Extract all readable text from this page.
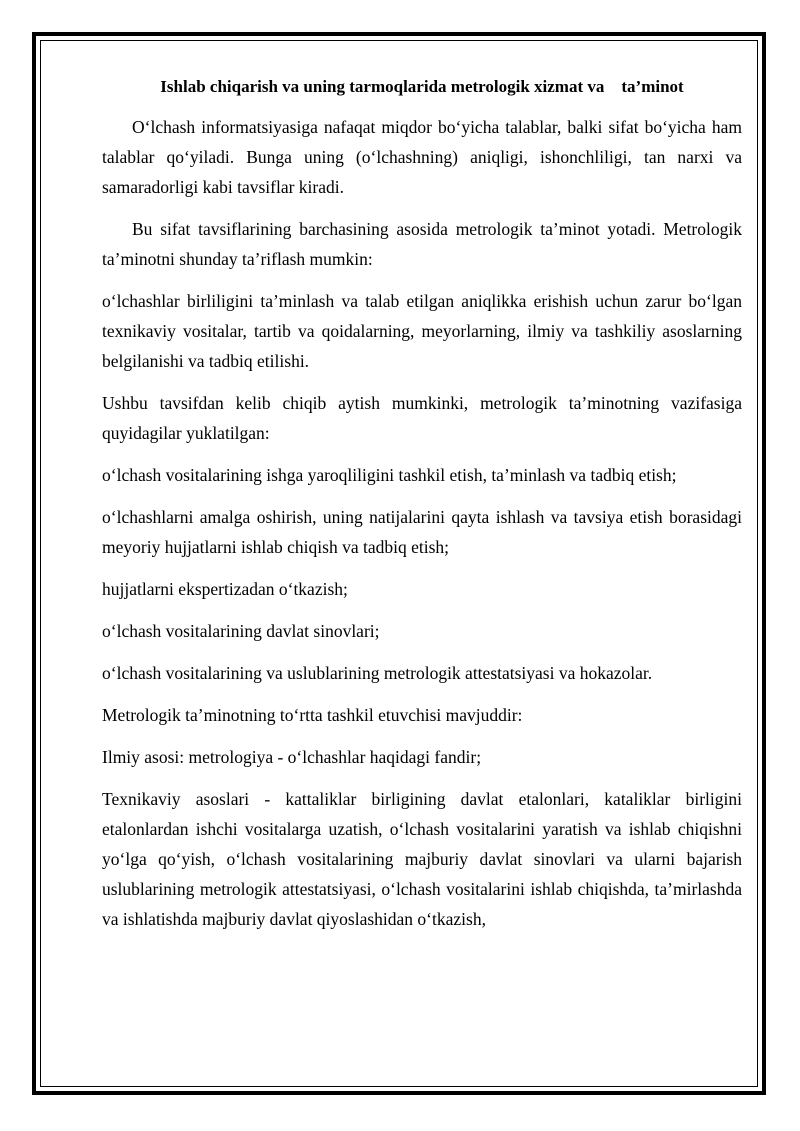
Ishlab chiqarish va uning tarmoqlarida metrologik xizmat va    ta’minot

O‘lchash informatsiyasiga nafaqat miqdor bo‘yicha talablar, balki sifat bo‘yicha ham talablar qo‘yiladi. Bunga uning (o‘lchashning) aniqligi, ishonchliligi, tan narxi va samaradorligi kabi tavsiflar kiradi.

Bu sifat tavsiflarining barchasining asosida metrologik ta’minot yotadi. Metrologik ta’minotni shunday ta’riflash mumkin:

o‘lchashlar birliligini ta’minlash va talab etilgan aniqlikka erishish uchun zarur bo‘lgan texnikaviy vositalar, tartib va qoidalarning, meyorlarning, ilmiy va tashkiliy asoslarning belgilanishi va tadbiq etilishi.

Ushbu tavsifdan kelib chiqib aytish mumkinki, metrologik ta’minotning vazifasiga quyidagilar yuklatilgan:

o‘lchash vositalarining ishga yaroqliligini tashkil etish, ta’minlash va tadbiq etish;

o‘lchashlarni amalga oshirish, uning natijalarini qayta ishlash va tavsiya etish borasidagi meyoriy hujjatlarni ishlab chiqish va tadbiq etish;

hujjatlarni ekspertizadan o‘tkazish;

o‘lchash vositalarining davlat sinovlari;

o‘lchash vositalarining va uslublarining metrologik attestatsiyasi va hokazolar.

Metrologik ta’minotning to‘rtta tashkil etuvchisi mavjuddir:

Ilmiy asosi: metrologiya - o‘lchashlar haqidagi fandir;

Texnikaviy asoslari - kattaliklar birligining davlat etalonlari, kataliklar birligini etalonlardan ishchi vositalarga uzatish, o‘lchash vositalarini yaratish va ishlab chiqishni yo‘lga qo‘yish, o‘lchash vositalarining majburiy davlat sinovlari va ularni bajarish uslublarining metrologik attestatsiyasi, o‘lchash vositalarini ishlab chiqishda, ta’mirlashda va ishlatishda majburiy davlat qiyoslashidan o‘tkazish,
